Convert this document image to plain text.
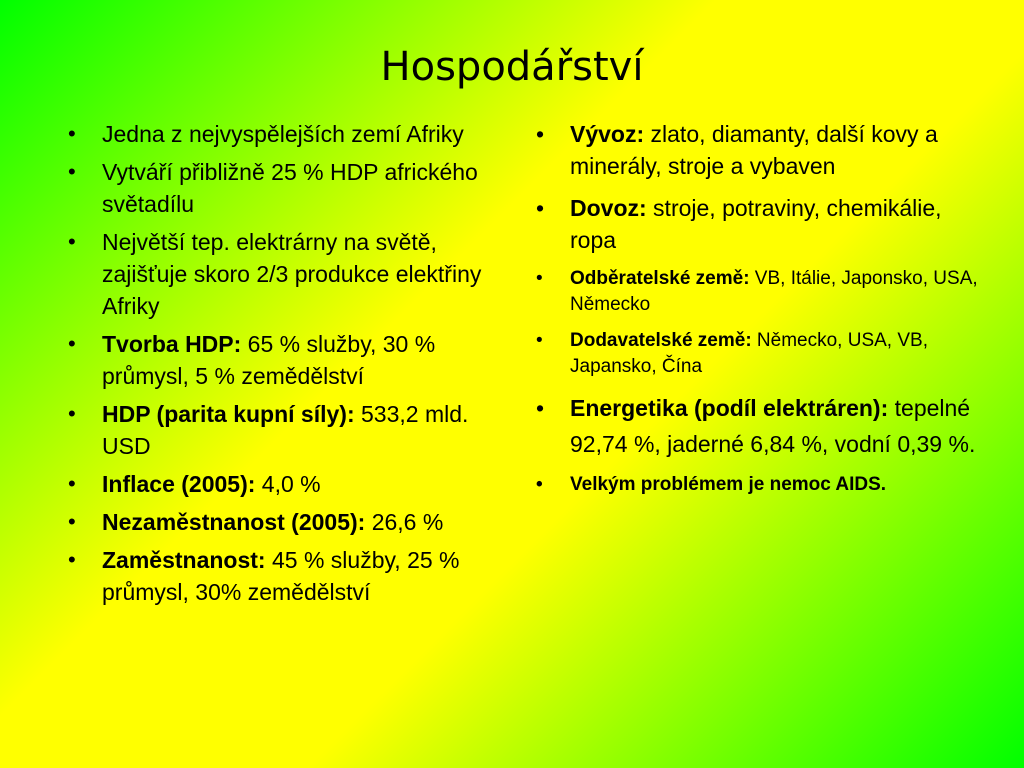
Hospodářství
• Jedna z nejvyspělejších zemí Afriky
• Vytváří přibližně 25 % HDP afrického světadílu
• Největší tep. elektrárny na světě, zajišťuje skoro 2/3 produkce elektřiny Afriky
• Tvorba HDP: 65 % služby, 30 % průmysl, 5 % zemědělství
• HDP (parita kupní síly): 533,2 mld. USD
• Inflace (2005): 4,0 %
• Nezaměstnanost (2005): 26,6 %
• Zaměstnanost: 45 % služby, 25 % průmysl, 30% zemědělství
• Vývoz: zlato, diamanty, další kovy a minerály, stroje a vybaven
• Dovoz: stroje, potraviny, chemikálie, ropa
• Odběratelské země: VB, Itálie, Japonsko, USA, Německo
• Dodavatelské země: Německo, USA, VB, Japansko, Čína
• Energetika (podíl elektráren): tepelné 92,74 %, jaderné 6,84 %, vodní 0,39 %.
• Velkým problémem je nemoc AIDS.
